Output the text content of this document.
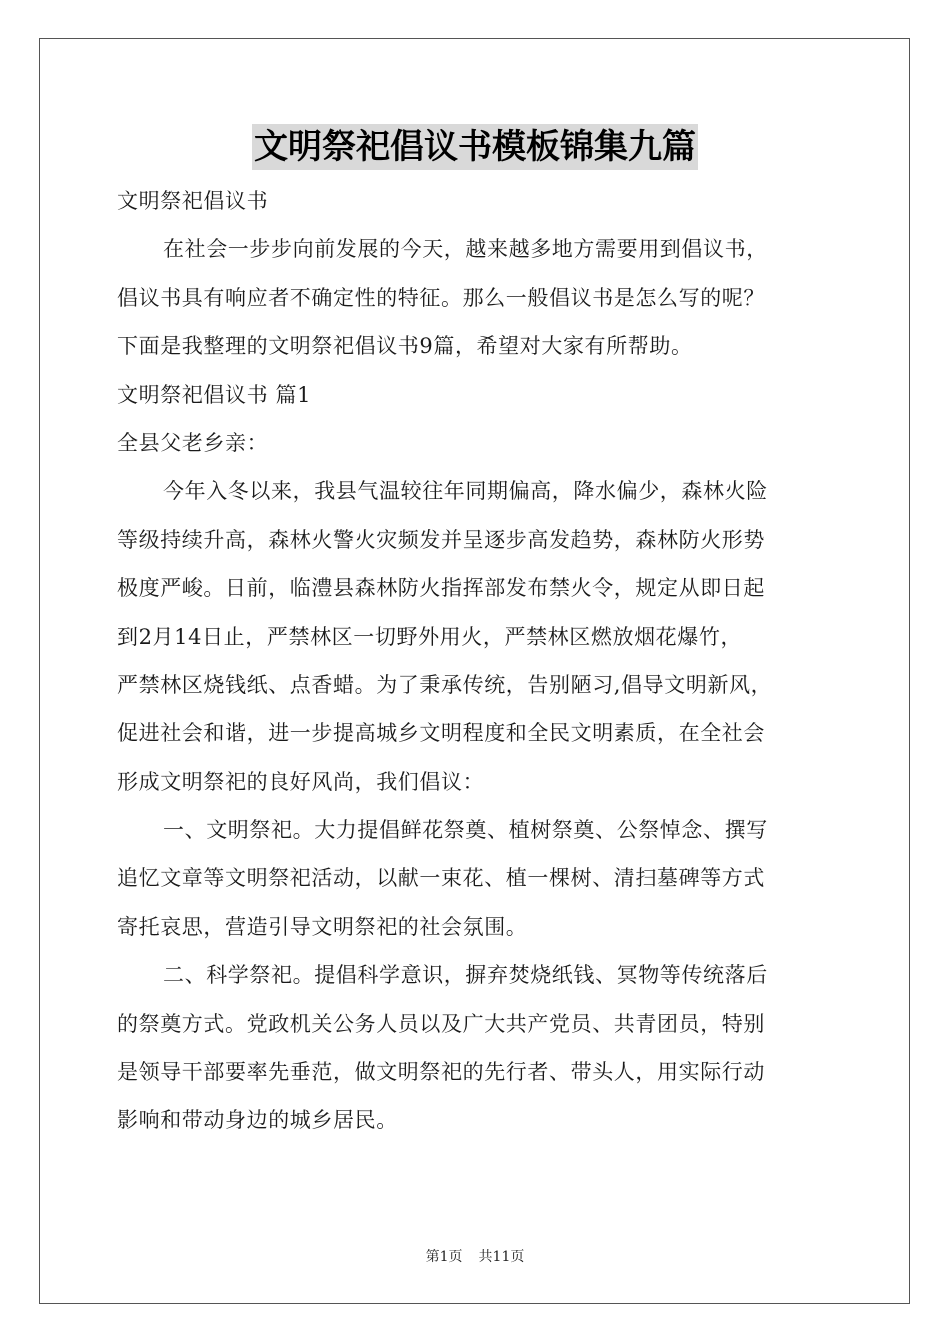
文明祭祀倡议书模板锦集九篇
文明祭祀倡议书
在社会一步步向前发展的今天，越来越多地方需要用到倡议书，
倡议书具有响应者不确定性的特征。那么一般倡议书是怎么写的呢？
下面是我整理的文明祭祀倡议书9篇，希望对大家有所帮助。
文明祭祀倡议书 篇1
全县父老乡亲：
今年入冬以来，我县气温较往年同期偏高，降水偏少，森林火险
等级持续升高，森林火警火灾频发并呈逐步高发趋势，森林防火形势
极度严峻。日前，临澧县森林防火指挥部发布禁火令，规定从即日起
到2月14日止，严禁林区一切野外用火，严禁林区燃放烟花爆竹，
严禁林区烧钱纸、点香蜡。为了秉承传统，告别陋习,倡导文明新风，
促进社会和谐，进一步提高城乡文明程度和全民文明素质，在全社会
形成文明祭祀的良好风尚，我们倡议：
一、文明祭祀。大力提倡鲜花祭奠、植树祭奠、公祭悼念、撰写
追忆文章等文明祭祀活动，以献一束花、植一棵树、清扫墓碑等方式
寄托哀思，营造引导文明祭祀的社会氛围。
二、科学祭祀。提倡科学意识，摒弃焚烧纸钱、冥物等传统落后
的祭奠方式。党政机关公务人员以及广大共产党员、共青团员，特别
是领导干部要率先垂范，做文明祭祀的先行者、带头人，用实际行动
影响和带动身边的城乡居民。
第1页 共11页
